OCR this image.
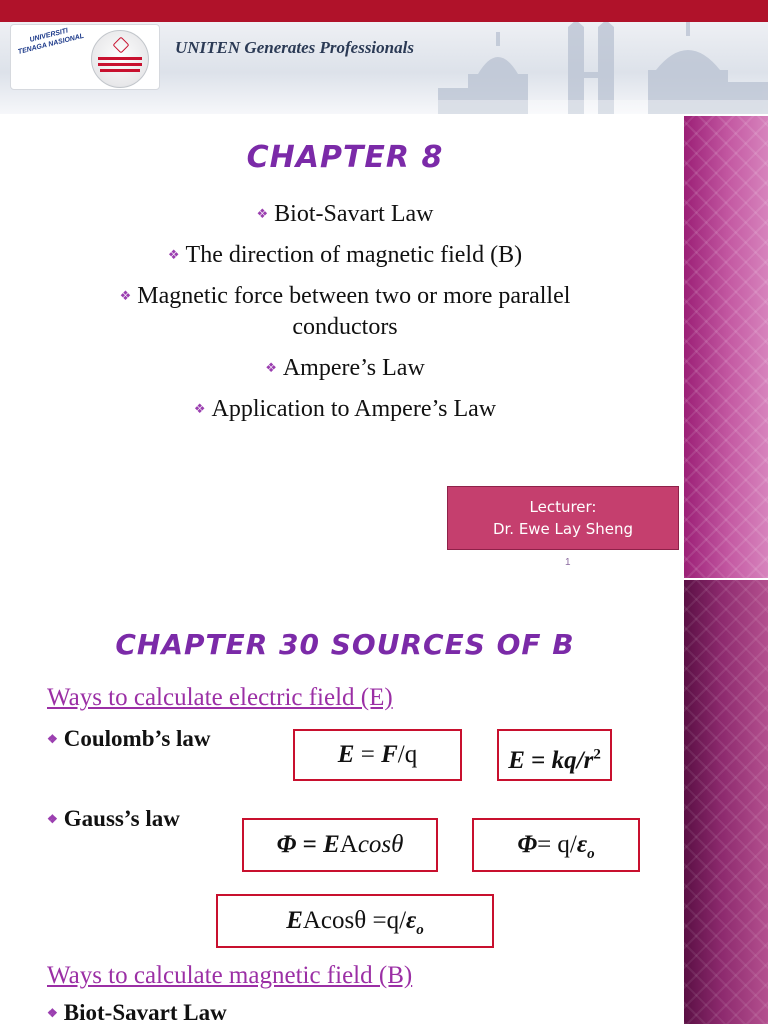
UNIVERSITI TENAGA NASIONAL	UNITEN Generates Professionals
CHAPTER 8
❖ Biot-Savart Law
❖ The direction of magnetic field (B)
❖ Magnetic force between two or more parallel conductors
❖ Ampere’s Law
❖ Application to Ampere’s Law
Lecturer:
Dr. Ewe Lay Sheng
1
CHAPTER 30 SOURCES OF B
Ways to calculate electric field (E)
❖ Coulomb’s law
E = F/q	$E = kq/r^2$
❖ Gauss’s law
Φ = EAcosθ	$\Phi= q/\varepsilon_o$
$EAcos\theta =q/\varepsilon_o$
Ways to calculate magnetic field (B)
❖ Biot-Savart Law
